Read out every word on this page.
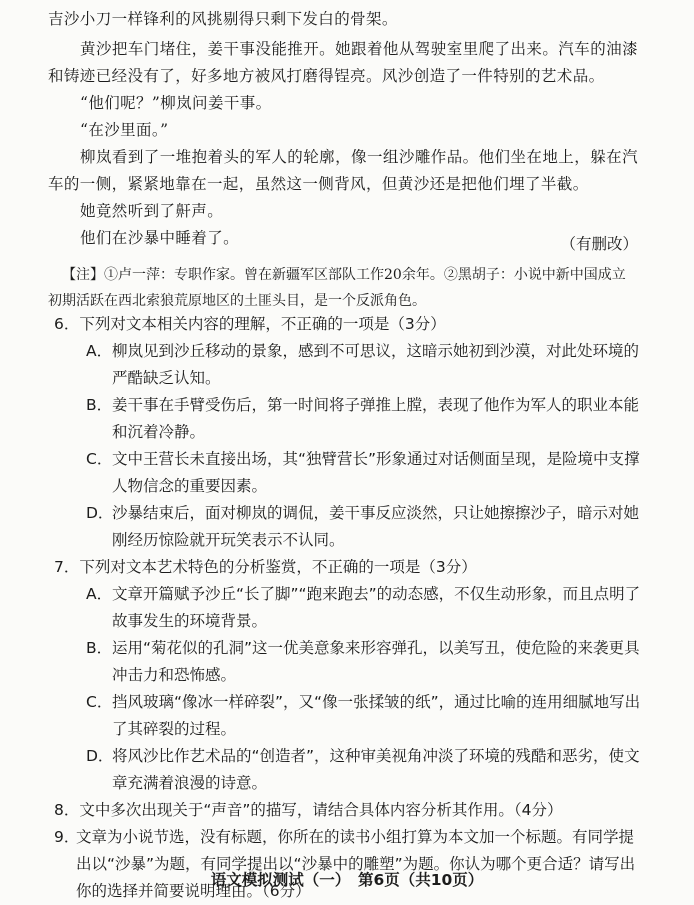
吉沙小刀一样锋利的风挑剔得只剩下发白的骨架。

黄沙把车门堵住，姜干事没能推开。她跟着他从驾驶室里爬了出来。汽车的油漆和铸迹已经没有了，好多地方被风打磨得锃亮。风沙创造了一件特别的艺术品。

“他们呢？”柳岚问姜干事。

“在沙里面。”

柳岚看到了一堆抱着头的军人的轮廓，像一组沙雕作品。他们坐在地上，躲在汽车的一侧，紧紧地靠在一起，虽然这一侧背风，但黄沙还是把他们埋了半截。

她竟然听到了鼾声。

他们在沙暴中睡着了。	（有删改）
【注】①卢一萍：专职作家。曾在新疆军区部队工作20余年。②黑胡子：小说中新中国成立初期活跃在西北索狼荒原地区的土匪头目，是一个反派角色。
6．下列对文本相关内容的理解，不正确的一项是（3分）
A． 柳岚见到沙丘移动的景象，感到不可思议，这暗示她初到沙漠，对此处环境的严酷缺乏认知。
B． 姜干事在手臂受伤后，第一时间将子弹推上膛，表现了他作为军人的职业本能和沉着冷静。
C． 文中王营长未直接出场，其“独臂营长”形象通过对话侧面呈现，是险境中支撑人物信念的重要因素。
D．
沙暴结束后，面对柳岚的调侃，姜干事反应淡然，只让她擦擦沙子，暗示对她刚经历惊险就开玩笑表示不认同。
7．下列对文本艺术特色的分析鉴赏，不正确的一项是（3分）
A． 文章开篇赋予沙丘“长了脚”“跑来跑去”的动态感，不仅生动形象，而且点明了故事发生的环境背景。
B． 运用“菊花似的孔洞”这一优美意象来形容弹孔，以美写丑，使危险的来袭更具冲击力和恐怖感。
C． 挡风玻璃“像冰一样碎裂”，又“像一张揉皱的纸”，通过比喻的连用细腻地写出了其碎裂的过程。
D．
将风沙比作艺术品的“创造者”，这种审美视角冲淡了环境的残酷和恶劣，使文章充满着浪漫的诗意。
8．文中多次出现关于“声音”的描写，请结合具体内容分析其作用。（4分）
9．
文章为小说节选，没有标题，你所在的读书小组打算为本文加一个标题。有同学提出以“沙暴”为题，有同学提出以“沙暴中的雕塑”为题。你认为哪个更合适？请写出你的选择并简要说明理由。（6分）
语文模拟测试（一）　第6页（共10页）
